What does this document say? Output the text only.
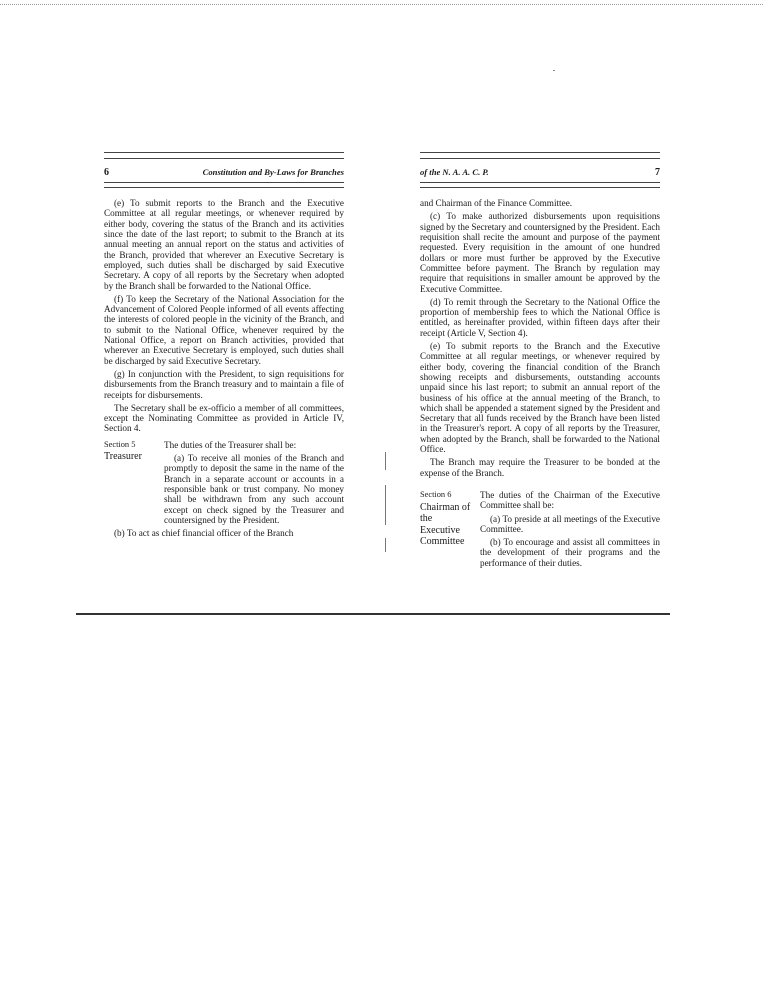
6	Constitution and By-Laws for Branches

(e) To submit reports to the Branch and the Executive Committee at all regular meetings, or whenever required by either body, covering the status of the Branch and its activities since the date of the last report; to submit to the Branch at its annual meeting an annual report on the status and activities of the Branch, provided that wherever an Executive Secretary is employed, such duties shall be discharged by said Executive Secretary. A copy of all reports by the Secretary when adopted by the Branch shall be forwarded to the National Office.

(f) To keep the Secretary of the National Association for the Advancement of Colored People informed of all events affecting the interests of colored people in the vicinity of the Branch, and to submit to the National Office, whenever required by the National Office, a report on Branch activities, provided that wherever an Executive Secretary is employed, such duties shall be discharged by said Executive Secretary.

(g) In conjunction with the President, to sign requisitions for disbursements from the Branch treasury and to maintain a file of receipts for disbursements.

The Secretary shall be ex-officio a member of all committees, except the Nominating Committee as provided in Article IV, Section 4.

Section 5
Treasurer

The duties of the Treasurer shall be:

(a) To receive all monies of the Branch and promptly to deposit the same in the name of the Branch in a separate account or accounts in a responsible bank or trust company. No money shall be withdrawn from any such account except on check signed by the Treasurer and countersigned by the President.

(b) To act as chief financial officer of the Branch

of the N. A. A. C. P.	7

and Chairman of the Finance Committee.

(c) To make authorized disbursements upon requisitions signed by the Secretary and countersigned by the President. Each requisition shall recite the amount and purpose of the payment requested. Every requisition in the amount of one hundred dollars or more must further be approved by the Executive Committee before payment. The Branch by regulation may require that requisitions in smaller amount be approved by the Executive Committee.

(d) To remit through the Secretary to the National Office the proportion of membership fees to which the National Office is entitled, as hereinafter provided, within fifteen days after their receipt (Article V, Section 4).

(e) To submit reports to the Branch and the Executive Committee at all regular meetings, or whenever required by either body, covering the financial condition of the Branch showing receipts and disbursements, outstanding accounts unpaid since his last report; to submit an annual report of the business of his office at the annual meeting of the Branch, to which shall be appended a statement signed by the President and Secretary that all funds received by the Branch have been listed in the Treasurer's report. A copy of all reports by the Treasurer, when adopted by the Branch, shall be forwarded to the National Office.

The Branch may require the Treasurer to be bonded at the expense of the Branch.

Section 6
Chairman of the Executive Committee

The duties of the Chairman of the Executive Committee shall be:

(a) To preside at all meetings of the Executive Committee.

(b) To encourage and assist all committees in the development of their programs and the performance of their duties.
